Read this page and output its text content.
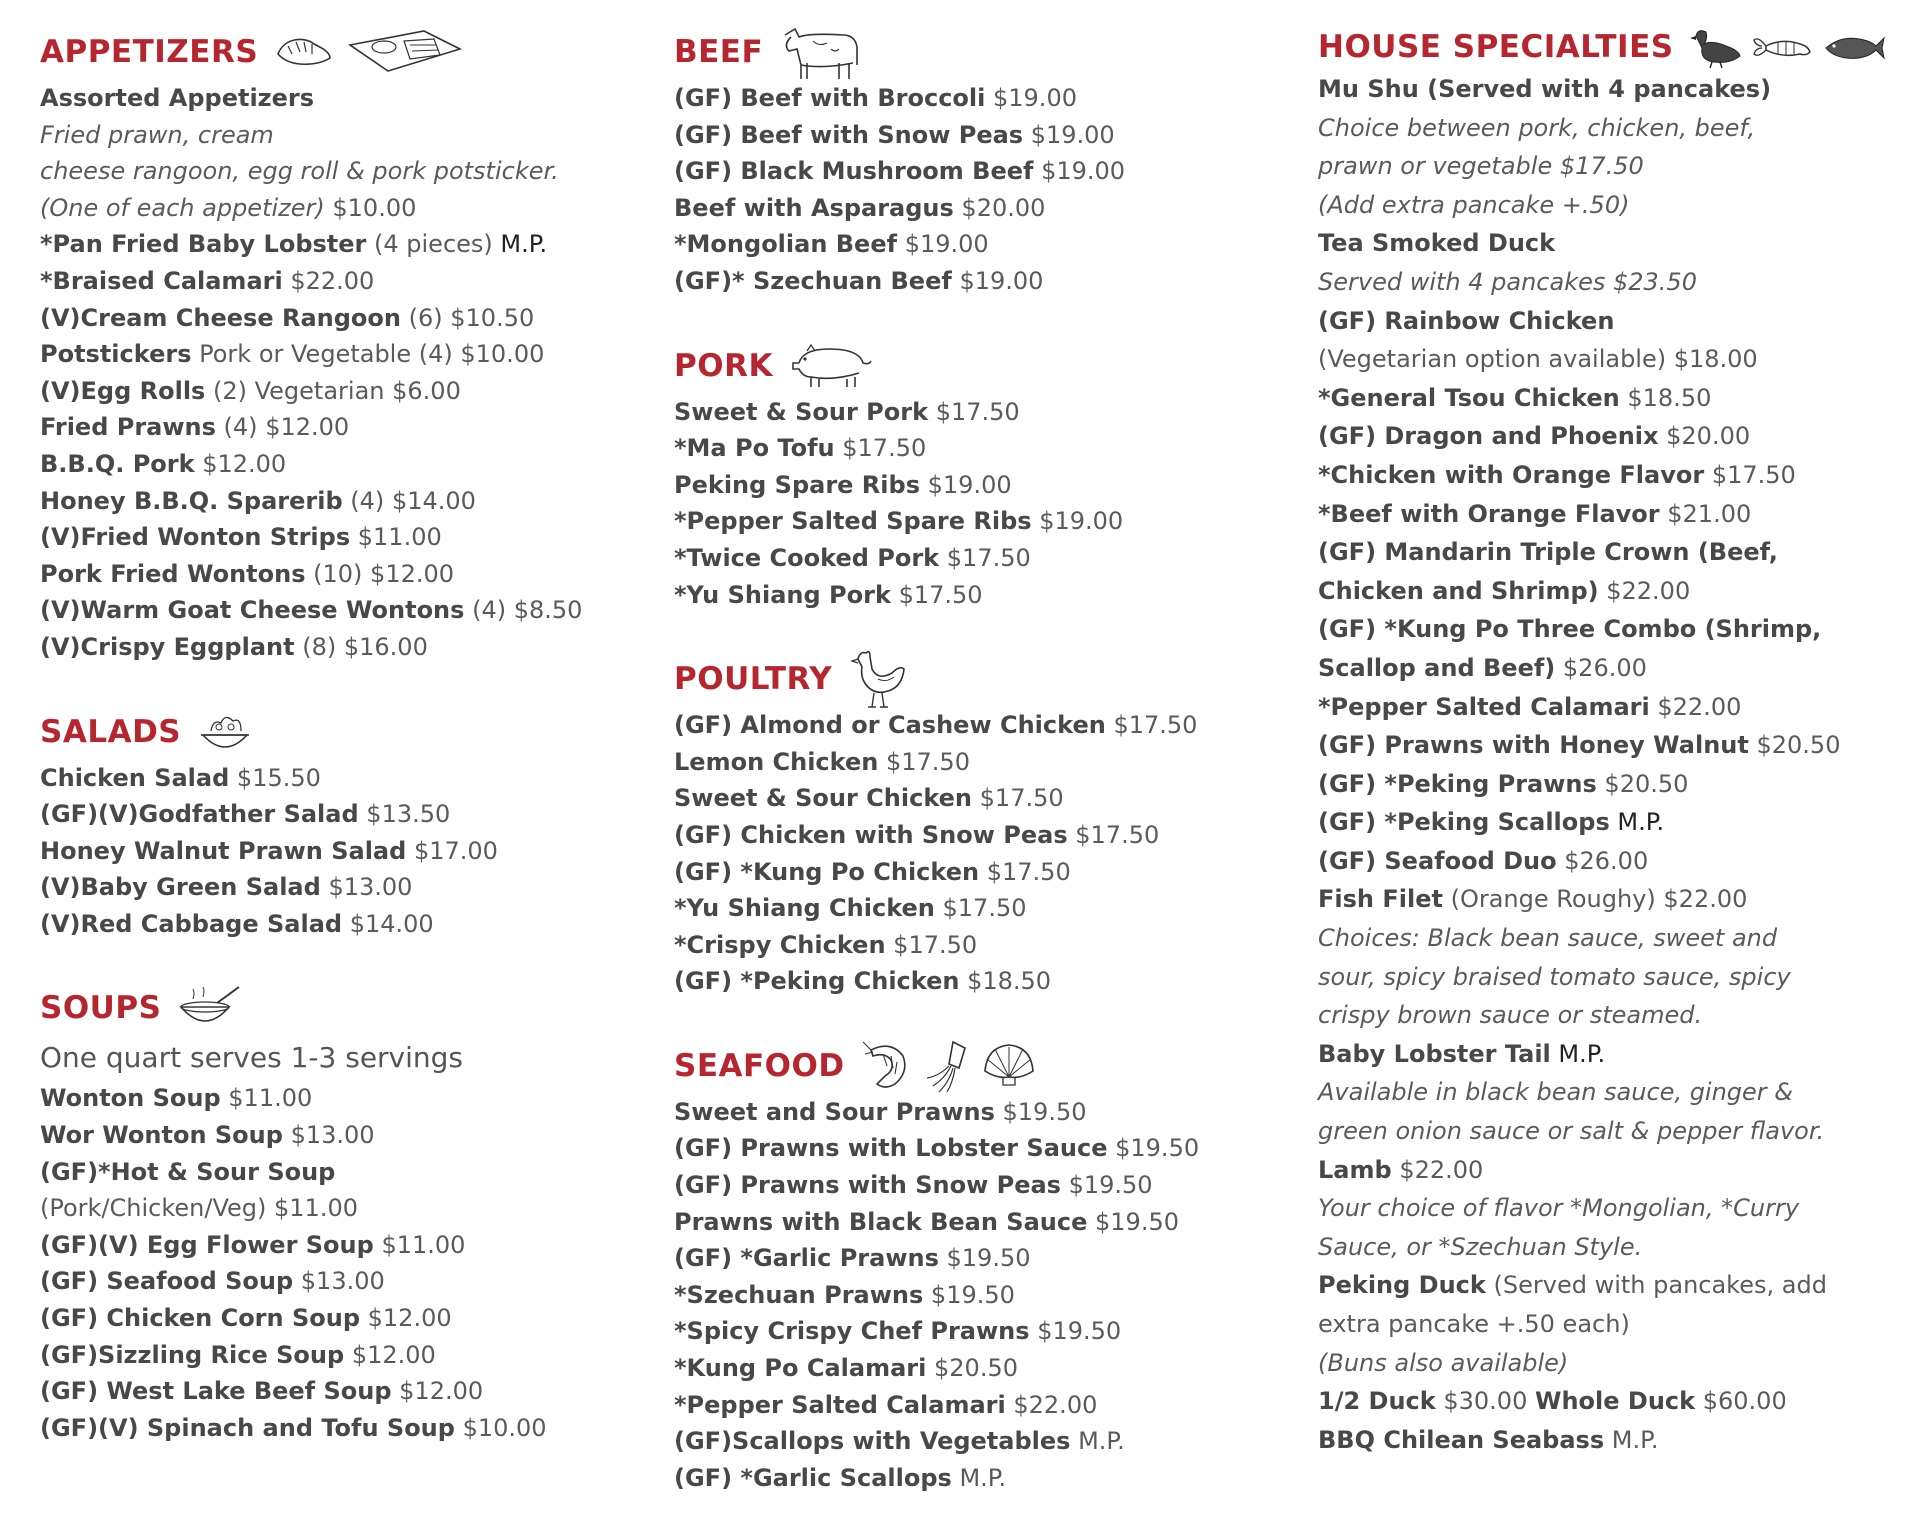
APPETIZERS
Assorted Appetizers
Fried prawn, cream
cheese rangoon, egg roll & pork potsticker.
(One of each appetizer) $10.00
*Pan Fried Baby Lobster (4 pieces) M.P.
*Braised Calamari $22.00
(V)Cream Cheese Rangoon (6) $10.50
Potstickers Pork or Vegetable (4) $10.00
(V)Egg Rolls (2) Vegetarian $6.00
Fried Prawns (4) $12.00
B.B.Q. Pork $12.00
Honey B.B.Q. Sparerib (4) $14.00
(V)Fried Wonton Strips $11.00
Pork Fried Wontons (10) $12.00
(V)Warm Goat Cheese Wontons (4) $8.50
(V)Crispy Eggplant (8) $16.00
SALADS
Chicken Salad $15.50
(GF)(V)Godfather Salad $13.50
Honey Walnut Prawn Salad $17.00
(V)Baby Green Salad $13.00
(V)Red Cabbage Salad $14.00
SOUPS
One quart serves 1-3 servings
Wonton Soup $11.00
Wor Wonton Soup $13.00
(GF)*Hot & Sour Soup
(Pork/Chicken/Veg) $11.00
(GF)(V) Egg Flower Soup $11.00
(GF) Seafood Soup $13.00
(GF) Chicken Corn Soup $12.00
(GF)Sizzling Rice Soup $12.00
(GF) West Lake Beef Soup $12.00
(GF)(V) Spinach and Tofu Soup $10.00
BEEF
(GF) Beef with Broccoli $19.00
(GF) Beef with Snow Peas $19.00
(GF) Black Mushroom Beef $19.00
Beef with Asparagus $20.00
*Mongolian Beef $19.00
(GF)* Szechuan Beef $19.00
PORK
Sweet & Sour Pork $17.50
*Ma Po Tofu $17.50
Peking Spare Ribs $19.00
*Pepper Salted Spare Ribs $19.00
*Twice Cooked Pork $17.50
*Yu Shiang Pork $17.50
POULTRY
(GF) Almond or Cashew Chicken $17.50
Lemon Chicken $17.50
Sweet & Sour Chicken $17.50
(GF) Chicken with Snow Peas $17.50
(GF) *Kung Po Chicken $17.50
*Yu Shiang Chicken $17.50
*Crispy Chicken $17.50
(GF) *Peking Chicken $18.50
SEAFOOD
Sweet and Sour Prawns $19.50
(GF) Prawns with Lobster Sauce $19.50
(GF) Prawns with Snow Peas $19.50
Prawns with Black Bean Sauce $19.50
(GF) *Garlic Prawns $19.50
*Szechuan Prawns $19.50
*Spicy Crispy Chef Prawns $19.50
*Kung Po Calamari $20.50
*Pepper Salted Calamari $22.00
(GF)Scallops with Vegetables M.P.
(GF) *Garlic Scallops M.P.
HOUSE SPECIALTIES
Mu Shu (Served with 4 pancakes)
Choice between pork, chicken, beef,
prawn or vegetable $17.50
(Add extra pancake +.50)
Tea Smoked Duck
Served with 4 pancakes $23.50
(GF) Rainbow Chicken
(Vegetarian option available) $18.00
*General Tsou Chicken $18.50
(GF) Dragon and Phoenix $20.00
*Chicken with Orange Flavor $17.50
*Beef with Orange Flavor $21.00
(GF) Mandarin Triple Crown (Beef,
Chicken and Shrimp) $22.00
(GF) *Kung Po Three Combo (Shrimp,
Scallop and Beef) $26.00
*Pepper Salted Calamari $22.00
(GF) Prawns with Honey Walnut $20.50
(GF) *Peking Prawns $20.50
(GF) *Peking Scallops M.P.
(GF) Seafood Duo $26.00
Fish Filet (Orange Roughy) $22.00
Choices: Black bean sauce, sweet and
sour, spicy braised tomato sauce, spicy
crispy brown sauce or steamed.
Baby Lobster Tail M.P.
Available in black bean sauce, ginger &
green onion sauce or salt & pepper flavor.
Lamb $22.00
Your choice of flavor *Mongolian, *Curry
Sauce, or *Szechuan Style.
Peking Duck (Served with pancakes, add
extra pancake +.50 each)
(Buns also available)
1/2 Duck $30.00 Whole Duck $60.00
BBQ Chilean Seabass M.P.
